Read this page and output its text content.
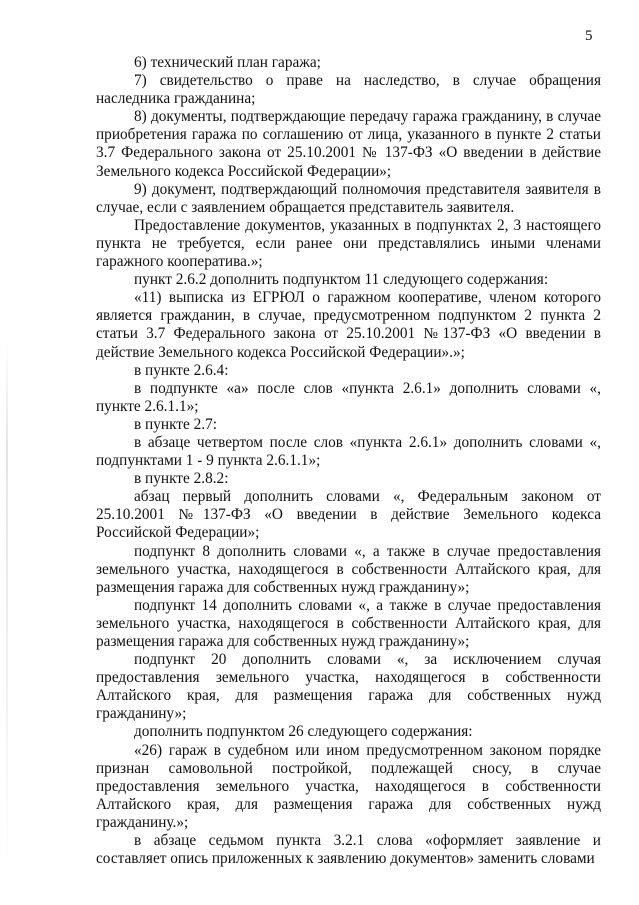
5

6) технический план гаража;

7) свидетельство о праве на наследство, в случае обращения наследника гражданина;

8) документы, подтверждающие передачу гаража гражданину, в случае приобретения гаража по соглашению от лица, указанного в пункте 2 статьи 3.7 Федерального закона от 25.10.2001 № 137-ФЗ «О введении в действие Земельного кодекса Российской Федерации»;

9) документ, подтверждающий полномочия представителя заявителя в случае, если с заявлением обращается представитель заявителя.

Предоставление документов, указанных в подпунктах 2, 3 настоящего пункта не требуется, если ранее они представлялись иными членами гаражного кооператива.»;

пункт 2.6.2 дополнить подпунктом 11 следующего содержания:

«11) выписка из ЕГРЮЛ о гаражном кооперативе, членом которого является гражданин, в случае, предусмотренном подпунктом 2 пункта 2 статьи 3.7 Федерального закона от 25.10.2001 №137-ФЗ «О введении в действие Земельного кодекса Российской Федерации».»;

в пункте 2.6.4:

в подпункте «а» после слов «пункта 2.6.1» дополнить словами «, пункте 2.6.1.1»;

в пункте 2.7:

в абзаце четвертом после слов «пункта 2.6.1» дополнить словами «, подпунктами 1 - 9 пункта 2.6.1.1»;

в пункте 2.8.2:

абзац первый дополнить словами «, Федеральным законом от 25.10.2001 №137-ФЗ «О введении в действие Земельного кодекса Российской Федерации»;

подпункт 8 дополнить словами «, а также в случае предоставления земельного участка, находящегося в собственности Алтайского края, для размещения гаража для собственных нужд гражданину»;

подпункт 14 дополнить словами «, а также в случае предоставления земельного участка, находящегося в собственности Алтайского края, для размещения гаража для собственных нужд гражданину»;

подпункт 20 дополнить словами «, за исключением случая предоставления земельного участка, находящегося в собственности Алтайского края, для размещения гаража для собственных нужд гражданину»;

дополнить подпунктом 26 следующего содержания:

«26) гараж в судебном или ином предусмотренном законом порядке признан самовольной постройкой, подлежащей сносу, в случае предоставления земельного участка, находящегося в собственности Алтайского края, для размещения гаража для собственных нужд гражданину.»;

в абзаце седьмом пункта 3.2.1 слова «оформляет заявление и составляет опись приложенных к заявлению документов» заменить словами
